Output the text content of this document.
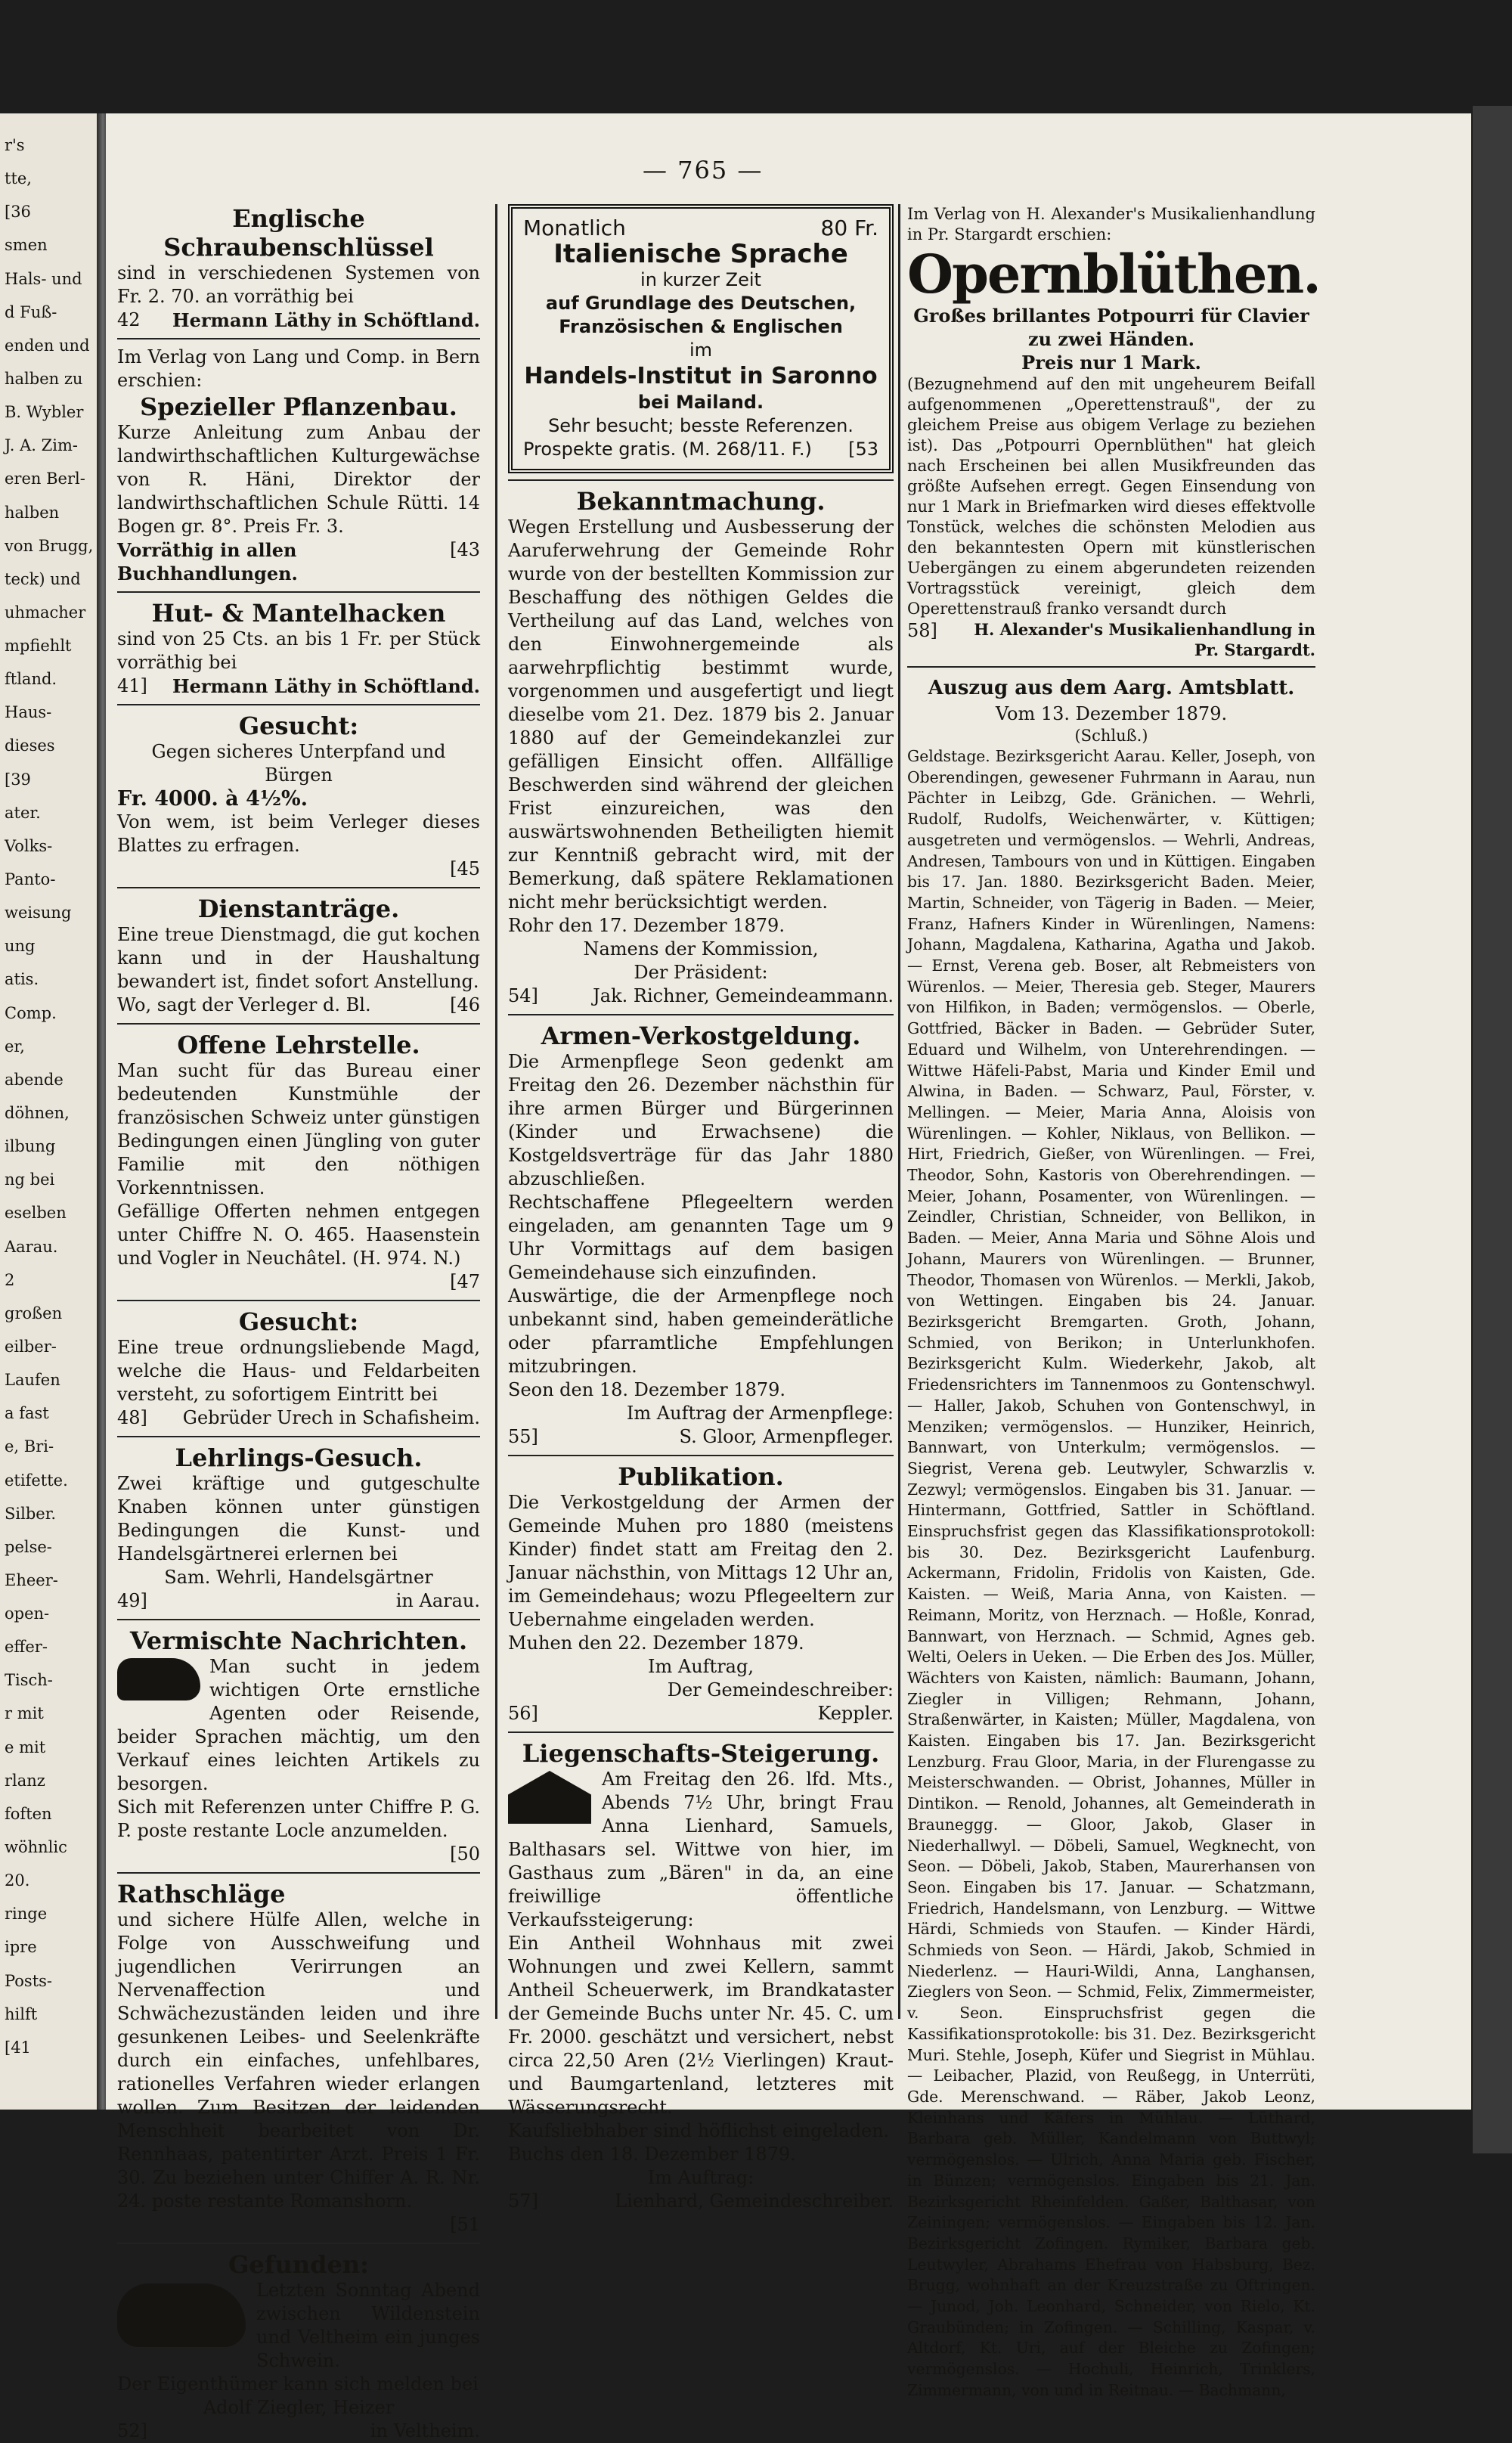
r's
tte,
[36
smen
Hals- und
d Fuß-
enden und
halben zu
B. Wybler
J. A. Zim-
eren Berl-
halben
von Brugg,
teck) und
uhmacher
mpfiehlt
ftland.
Haus-
dieses
[39
ater.
Volks-
Panto-
weisung
ung
atis.
Comp.
er,
abende
döhnen,
ilbung
ng bei
eselben
Aarau.
2
großen
eilber-
Laufen
a fast
e, Bri-
etifette.
Silber.
pelse-
Eheer-
open-
effer-
Tisch-
r mit
e mit
rlanz
foften
wöhnlic
20.
ringe
ipre
Posts-
hilft
[41
— 765 —
Englische Schraubenschlüssel
sind in verschiedenen Systemen von Fr. 2. 70. an vorräthig bei
42 Hermann Läthy in Schöftland.
Im Verlag von Lang und Comp. in Bern erschien:
Spezieller Pflanzenbau.
Kurze Anleitung zum Anbau der landwirthschaftlichen Kulturgewächse von R. Häni, Direktor der landwirthschaftlichen Schule Rütti. 14 Bogen gr. 8°. Preis Fr. 3.
Vorräthig in allen Buchhandlungen.
[43
Hut- & Mantelhacken
sind von 25 Cts. an bis 1 Fr. per Stück vorräthig bei
41] Hermann Läthy in Schöftland.
Gesucht:
Gegen sicheres Unterpfand und Bürgen
Fr. 4000. à 4½%.
Von wem, ist beim Verleger dieses Blattes zu erfragen.
[45
Dienstanträge.
Eine treue Dienstmagd, die gut kochen kann und in der Haushaltung bewandert ist, findet sofort Anstellung.
Wo, sagt der Verleger d. Bl.	[46
Offene Lehrstelle.
Man sucht für das Bureau einer bedeutenden Kunstmühle der französischen Schweiz unter günstigen Bedingungen einen Jüngling von guter Familie mit den nöthigen Vorkenntnissen.
Gefällige Offerten nehmen entgegen unter Chiffre N. O. 465. Haasenstein und Vogler in Neuchâtel. (H. 974. N.)
[47
Gesucht:
Eine treue ordnungsliebende Magd, welche die Haus- und Feldarbeiten versteht, zu sofortigem Eintritt bei
48] Gebrüder Urech in Schafisheim.
Lehrlings-Gesuch.
Zwei kräftige und gutgeschulte Knaben können unter günstigen Bedingungen die Kunst- und Handelsgärtnerei erlernen bei
Sam. Wehrli, Handelsgärtner
49]	in Aarau.
Vermischte Nachrichten.
Man sucht in jedem wichtigen Orte ernstliche Agenten oder Reisende, beider Sprachen mächtig, um den Verkauf eines leichten Artikels zu besorgen.
Sich mit Referenzen unter Chiffre P. G. P. poste restante Locle anzumelden.
[50
Rathschläge
und sichere Hülfe Allen, welche in Folge von Ausschweifung und jugendlichen Verirrungen an Nervenaffection und Schwächezuständen leiden und ihre gesunkenen Leibes- und Seelenkräfte durch ein einfaches, unfehlbares, rationelles Verfahren wieder erlangen wollen. Zum Besitzen der leidenden Menschheit bearbeitet von Dr. Rennhaas, patentirter Arzt. Preis 1 Fr. 30. Zu beziehen unter Chiffer A. R. Nr. 24. poste restante Romanshorn.
[51
Gefunden:
Letzten Sonntag Abend zwischen Wildenstein und Veltheim ein junges Schwein.
Der Eigenthümer kann sich melden bei
Adolf Ziegler, Heizer
52]	in Veltheim.
Monatlich	80 Fr.
Italienische Sprache
in kurzer Zeit
auf Grundlage des Deutschen,
Französischen & Englischen
im
Handels-Institut in Saronno
bei Mailand.
Sehr besucht; besste Referenzen.
Prospekte gratis. (M. 268/11. F.) [53
Bekanntmachung.
Wegen Erstellung und Ausbesserung der Aaruferwehrung der Gemeinde Rohr wurde von der bestellten Kommission zur Beschaffung des nöthigen Geldes die Vertheilung auf das Land, welches von den Einwohnergemeinde als aarwehrpflichtig bestimmt wurde, vorgenommen und ausgefertigt und liegt dieselbe vom 21. Dez. 1879 bis 2. Januar 1880 auf der Gemeindekanzlei zur gefälligen Einsicht offen. Allfällige Beschwerden sind während der gleichen Frist einzureichen, was den auswärtswohnenden Betheiligten hiemit zur Kenntniß gebracht wird, mit der Bemerkung, daß spätere Reklamationen nicht mehr berücksichtigt werden.
Rohr den 17. Dezember 1879.
Namens der Kommission,
Der Präsident:
54]	Jak. Richner, Gemeindeammann.
Armen-Verkostgeldung.
Die Armenpflege Seon gedenkt am Freitag den 26. Dezember nächsthin für ihre armen Bürger und Bürgerinnen (Kinder und Erwachsene) die Kostgeldsverträge für das Jahr 1880 abzuschließen.
Rechtschaffene Pflegeeltern werden eingeladen, am genannten Tage um 9 Uhr Vormittags auf dem basigen Gemeindehause sich einzufinden.
Auswärtige, die der Armenpflege noch unbekannt sind, haben gemeinderätliche oder pfarramtliche Empfehlungen mitzubringen.
Seon den 18. Dezember 1879.
Im Auftrag der Armenpflege:
55]	S. Gloor, Armenpfleger.
Publikation.
Die Verkostgeldung der Armen der Gemeinde Muhen pro 1880 (meistens Kinder) findet statt am Freitag den 2. Januar nächsthin, von Mittags 12 Uhr an, im Gemeindehaus; wozu Pflegeeltern zur Uebernahme eingeladen werden.
Muhen den 22. Dezember 1879.
Im Auftrag,
Der Gemeindeschreiber:
56]	Keppler.
Liegenschafts-Steigerung.
Am Freitag den 26. lfd. Mts., Abends 7½ Uhr, bringt Frau Anna Lienhard, Samuels, Balthasars sel. Wittwe von hier, im Gasthaus zum „Bären" in da, an eine freiwillige öffentliche Verkaufssteigerung:
Ein Antheil Wohnhaus mit zwei Wohnungen und zwei Kellern, sammt Antheil Scheuerwerk, im Brandkataster der Gemeinde Buchs unter Nr. 45. C. um Fr. 2000. geschätzt und versichert, nebst circa 22,50 Aren (2½ Vierlingen) Kraut- und Baumgartenland, letzteres mit Wässerungsrecht.
Kaufsliebhaber sind höflichst eingeladen.
Buchs den 18. Dezember 1879.
Im Auftrag:
57]	Lienhard, Gemeindeschreiber.
Im Verlag von H. Alexander's Musikalienhandlung in Pr. Stargardt erschien:
Opernblüthen.
Großes brillantes Potpourri für Clavier zu zwei Händen.
Preis nur 1 Mark.
(Bezugnehmend auf den mit ungeheurem Beifall aufgenommenen „Operettenstrauß", der zu gleichem Preise aus obigem Verlage zu beziehen ist). Das „Potpourri Opernblüthen" hat gleich nach Erscheinen bei allen Musikfreunden das größte Aufsehen erregt. Gegen Einsendung von nur 1 Mark in Briefmarken wird dieses effektvolle Tonstück, welches die schönsten Melodien aus den bekanntesten Opern mit künstlerischen Uebergängen zu einem abgerundeten reizenden Vortragsstück vereinigt, gleich dem Operettenstrauß franko versandt durch
58]	H. Alexander's Musikalienhandlung in Pr. Stargardt.
Auszug aus dem Aarg. Amtsblatt.
Vom 13. Dezember 1879.
(Schluß.)
Geldstage. Bezirksgericht Aarau. Keller, Joseph, von Oberendingen, gewesener Fuhrmann in Aarau, nun Pächter in Leibzg, Gde. Gränichen. — Wehrli, Rudolf, Rudolfs, Weichenwärter, v. Küttigen; ausgetreten und vermögenslos. — Wehrli, Andreas, Andresen, Tambours von und in Küttigen. Eingaben bis 17. Jan. 1880. Bezirksgericht Baden. Meier, Martin, Schneider, von Tägerig in Baden. — Meier, Franz, Hafners Kinder in Würenlingen, Namens: Johann, Magdalena, Katharina, Agatha und Jakob. — Ernst, Verena geb. Boser, alt Rebmeisters von Würenlos. — Meier, Theresia geb. Steger, Maurers von Hilfikon, in Baden; vermögenslos. — Oberle, Gottfried, Bäcker in Baden. — Gebrüder Suter, Eduard und Wilhelm, von Unterehrendingen. — Wittwe Häfeli-Pabst, Maria und Kinder Emil und Alwina, in Baden. — Schwarz, Paul, Förster, v. Mellingen. — Meier, Maria Anna, Aloisis von Würenlingen. — Kohler, Niklaus, von Bellikon. — Hirt, Friedrich, Gießer, von Würenlingen. — Frei, Theodor, Sohn, Kastoris von Oberehrendingen. — Meier, Johann, Posamenter, von Würenlingen. — Zeindler, Christian, Schneider, von Bellikon, in Baden. — Meier, Anna Maria und Söhne Alois und Johann, Maurers von Würenlingen. — Brunner, Theodor, Thomasen von Würenlos. — Merkli, Jakob, von Wettingen. Eingaben bis 24. Januar. Bezirksgericht Bremgarten. Groth, Johann, Schmied, von Berikon; in Unterlunkhofen. Bezirksgericht Kulm. Wiederkehr, Jakob, alt Friedensrichters im Tannenmoos zu Gontenschwyl. — Haller, Jakob, Schuhen von Gontenschwyl, in Menziken; vermögenslos. — Hunziker, Heinrich, Bannwart, von Unterkulm; vermögenslos. — Siegrist, Verena geb. Leutwyler, Schwarzlis v. Zezwyl; vermögenslos. Eingaben bis 31. Januar. — Hintermann, Gottfried, Sattler in Schöftland. Einspruchsfrist gegen das Klassifikationsprotokoll: bis 30. Dez. Bezirksgericht Laufenburg. Ackermann, Fridolin, Fridolis von Kaisten, Gde. Kaisten. — Weiß, Maria Anna, von Kaisten. — Reimann, Moritz, von Herznach. — Hoßle, Konrad, Bannwart, von Herznach. — Schmid, Agnes geb. Welti, Oelers in Ueken. — Die Erben des Jos. Müller, Wächters von Kaisten, nämlich: Baumann, Johann, Ziegler in Villigen; Rehmann, Johann, Straßenwärter, in Kaisten; Müller, Magdalena, von Kaisten. Eingaben bis 17. Jan. Bezirksgericht Lenzburg. Frau Gloor, Maria, in der Flurengasse zu Meisterschwanden. — Obrist, Johannes, Müller in Dintikon. — Renold, Johannes, alt Gemeinderath in Brauneggg. — Gloor, Jakob, Glaser in Niederhallwyl. — Döbeli, Samuel, Wegknecht, von Seon. — Döbeli, Jakob, Staben, Maurerhansen von Seon. Eingaben bis 17. Januar. — Schatzmann, Friedrich, Handelsmann, von Lenzburg. — Wittwe Härdi, Schmieds von Staufen. — Kinder Härdi, Schmieds von Seon. — Härdi, Jakob, Schmied in Niederlenz. — Hauri-Wildi, Anna, Langhansen, Zieglers von Seon. — Schmid, Felix, Zimmermeister, v. Seon. Einspruchsfrist gegen die Kassifikationsprotokolle: bis 31. Dez. Bezirksgericht Muri. Stehle, Joseph, Küfer und Siegrist in Mühlau. — Leibacher, Plazid, von Reußegg, in Unterrüti, Gde. Merenschwand. — Räber, Jakob Leonz, Kleinhans und Käfers in Mühlau. — Lüthard, Barbara geb. Müller, Kandelmann von Buttwyl; vermögenslos. — Ulrich, Anna Maria geb. Fischer, in Bünzen; vermögenslos. Eingaben bis 21. Jan. Bezirksgericht Rheinfelden. Gaßer, Balthasar, von Zeiningen; vermögenslos. — Eingaben bis 12. Jan. Bezirksgericht Zofingen. Rymiker, Barbara geb. Leutwyler, Abrahams Ehefrau von Habsburg, Bez. Brugg, wohnhaft an der Kreuzstraße zu Oftringen. — Junod, Joh. Leonhard, Schneider, von Rielo, Kt. Graubünden; in Zofingen. — Schilling, Kaspar, v. Altdorf, Kt. Uri, auf der Bleiche zu Zofingen; vermögenslos. — Hochuli, Heinrich, Trinklers, Zimmermann, von und in Reitnau. — Bachmann,
